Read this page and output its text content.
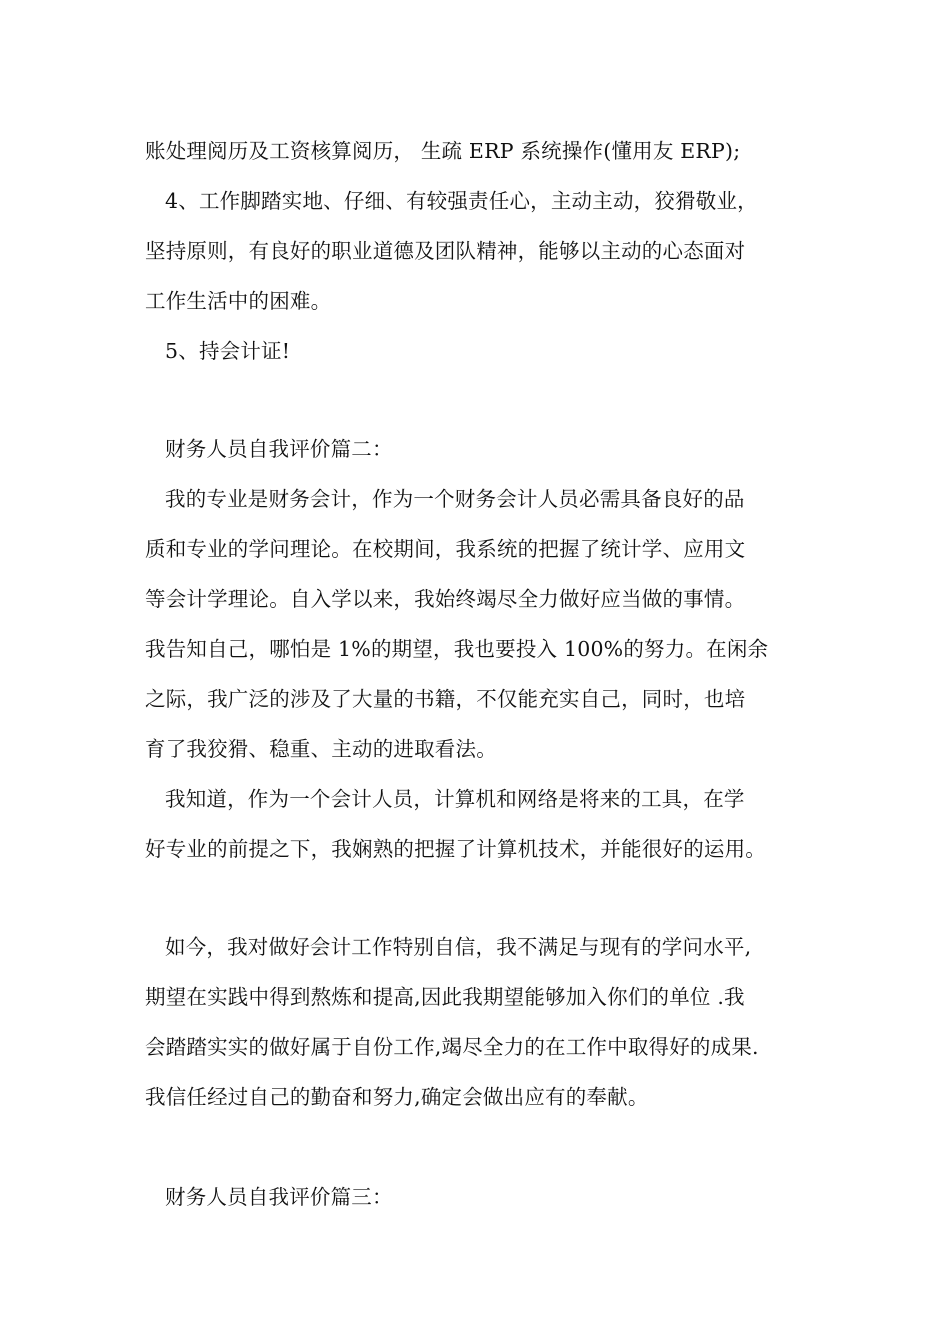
账处理阅历及工资核算阅历， 生疏 ERP 系统操作(懂用友 ERP);
4、工作脚踏实地、仔细、有较强责任心，主动主动，狡猾敬业，
坚持原则，有良好的职业道德及团队精神，能够以主动的心态面对
工作生活中的困难。
5、持会计证!
财务人员自我评价篇二：
我的专业是财务会计，作为一个财务会计人员必需具备良好的品
质和专业的学问理论。在校期间，我系统的把握了统计学、应用文
等会计学理论。自入学以来，我始终竭尽全力做好应当做的事情。
我告知自己，哪怕是 1%的期望，我也要投入 100%的努力。在闲余
之际，我广泛的涉及了大量的书籍，不仅能充实自己，同时，也培
育了我狡猾、稳重、主动的进取看法。
我知道，作为一个会计人员，计算机和网络是将来的工具，在学
好专业的前提之下，我娴熟的把握了计算机技术，并能很好的运用。
如今，我对做好会计工作特别自信，我不满足与现有的学问水平,
期望在实践中得到熬炼和提高,因此我期望能够加入你们的单位 .我
会踏踏实实的做好属于自份工作,竭尽全力的在工作中取得好的成果.
我信任经过自己的勤奋和努力,确定会做出应有的奉献。
财务人员自我评价篇三：
